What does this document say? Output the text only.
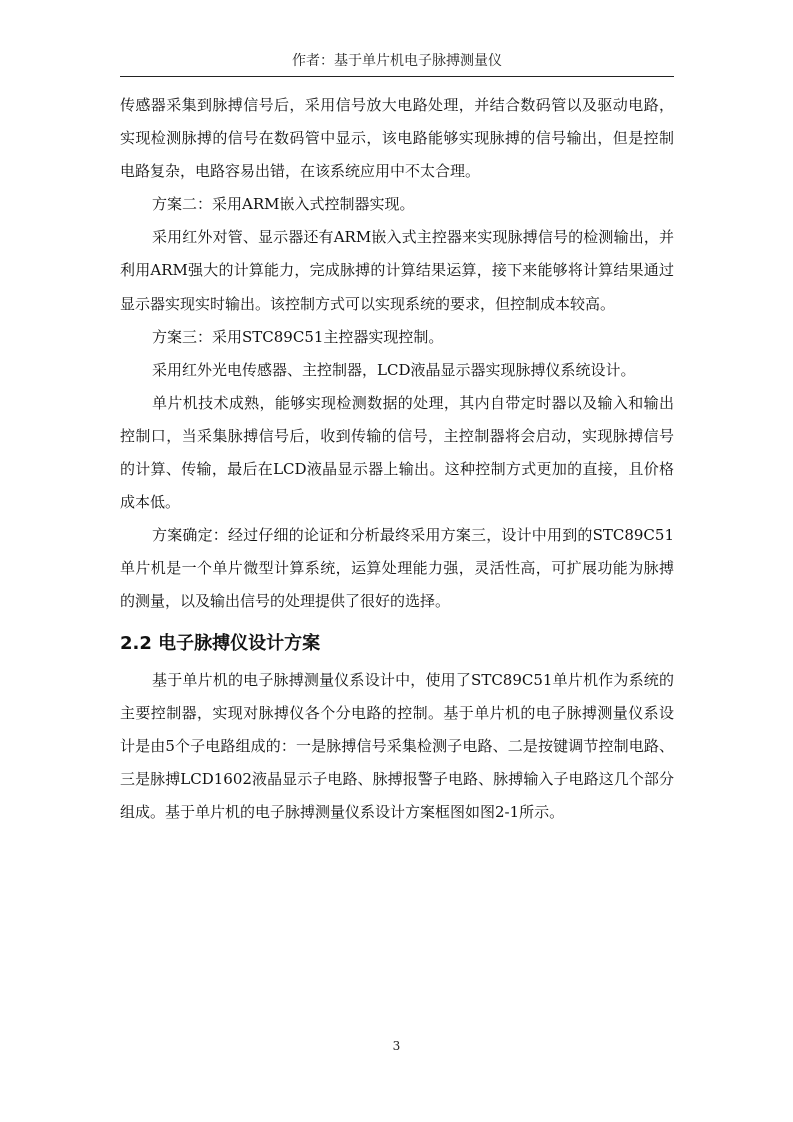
作者：基于单片机电子脉搏测量仪

传感器采集到脉搏信号后，采用信号放大电路处理，并结合数码管以及驱动电路，实现检测脉搏的信号在数码管中显示，该电路能够实现脉搏的信号输出，但是控制电路复杂，电路容易出错，在该系统应用中不太合理。

方案二：采用ARM嵌入式控制器实现。

采用红外对管、显示器还有ARM嵌入式主控器来实现脉搏信号的检测输出，并利用ARM强大的计算能力，完成脉搏的计算结果运算，接下来能够将计算结果通过显示器实现实时输出。该控制方式可以实现系统的要求，但控制成本较高。

方案三：采用STC89C51主控器实现控制。

采用红外光电传感器、主控制器，LCD液晶显示器实现脉搏仪系统设计。

单片机技术成熟，能够实现检测数据的处理，其内自带定时器以及输入和输出控制口，当采集脉搏信号后，收到传输的信号，主控制器将会启动，实现脉搏信号的计算、传输，最后在LCD液晶显示器上输出。这种控制方式更加的直接，且价格成本低。

方案确定：经过仔细的论证和分析最终采用方案三，设计中用到的STC89C51单片机是一个单片微型计算系统，运算处理能力强，灵活性高，可扩展功能为脉搏的测量，以及输出信号的处理提供了很好的选择。

2.2 电子脉搏仪设计方案

基于单片机的电子脉搏测量仪系设计中，使用了STC89C51单片机作为系统的主要控制器，实现对脉搏仪各个分电路的控制。基于单片机的电子脉搏测量仪系设计是由5个子电路组成的：一是脉搏信号采集检测子电路、二是按键调节控制电路、三是脉搏LCD1602液晶显示子电路、脉搏报警子电路、脉搏输入子电路这几个部分组成。基于单片机的电子脉搏测量仪系设计方案框图如图2-1所示。

3
